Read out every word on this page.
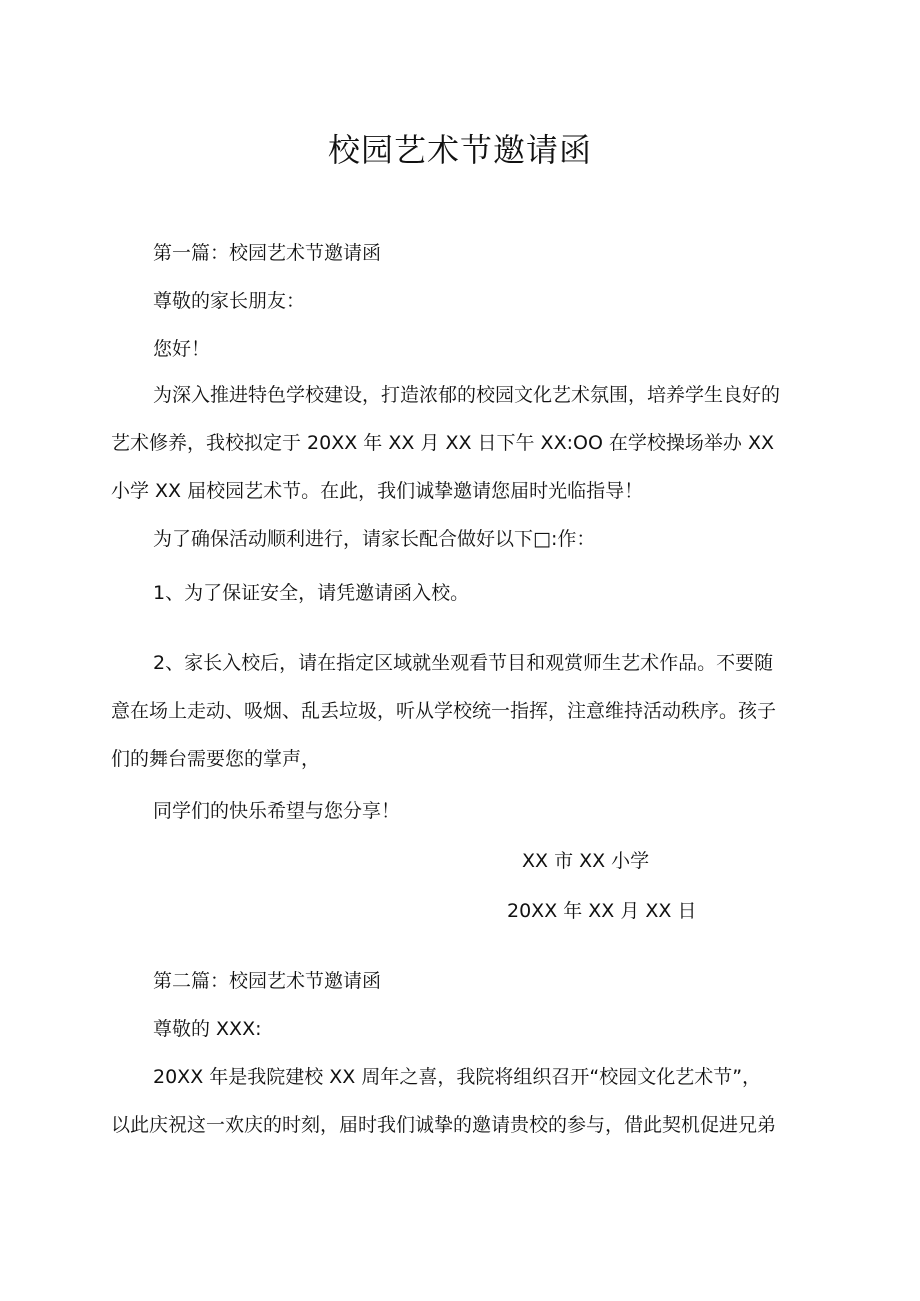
校园艺术节邀请函

第一篇：校园艺术节邀请函

尊敬的家长朋友：

您好！

为深入推进特色学校建设，打造浓郁的校园文化艺术氛围，培养学生良好的

艺术修养，我校拟定于 20XX 年 XX 月 XX 日下午 XX:OO 在学校操场举办 XX

小学 XX 届校园艺术节。在此，我们诚挚邀请您届时光临指导！

为了确保活动顺利进行，请家长配合做好以下□:作：

1、为了保证安全，请凭邀请函入校。

2、家长入校后，请在指定区域就坐观看节目和观赏师生艺术作品。不要随

意在场上走动、吸烟、乱丢垃圾，听从学校统一指挥，注意维持活动秩序。孩子

们的舞台需要您的掌声，

同学们的快乐希望与您分享！

XX 市 XX 小学

20XX 年 XX 月 XX 日

第二篇：校园艺术节邀请函

尊敬的 XXX:

20XX 年是我院建校 XX 周年之喜，我院将组织召开“校园文化艺术节”，

以此庆祝这一欢庆的时刻，届时我们诚挚的邀请贵校的参与，借此契机促进兄弟
